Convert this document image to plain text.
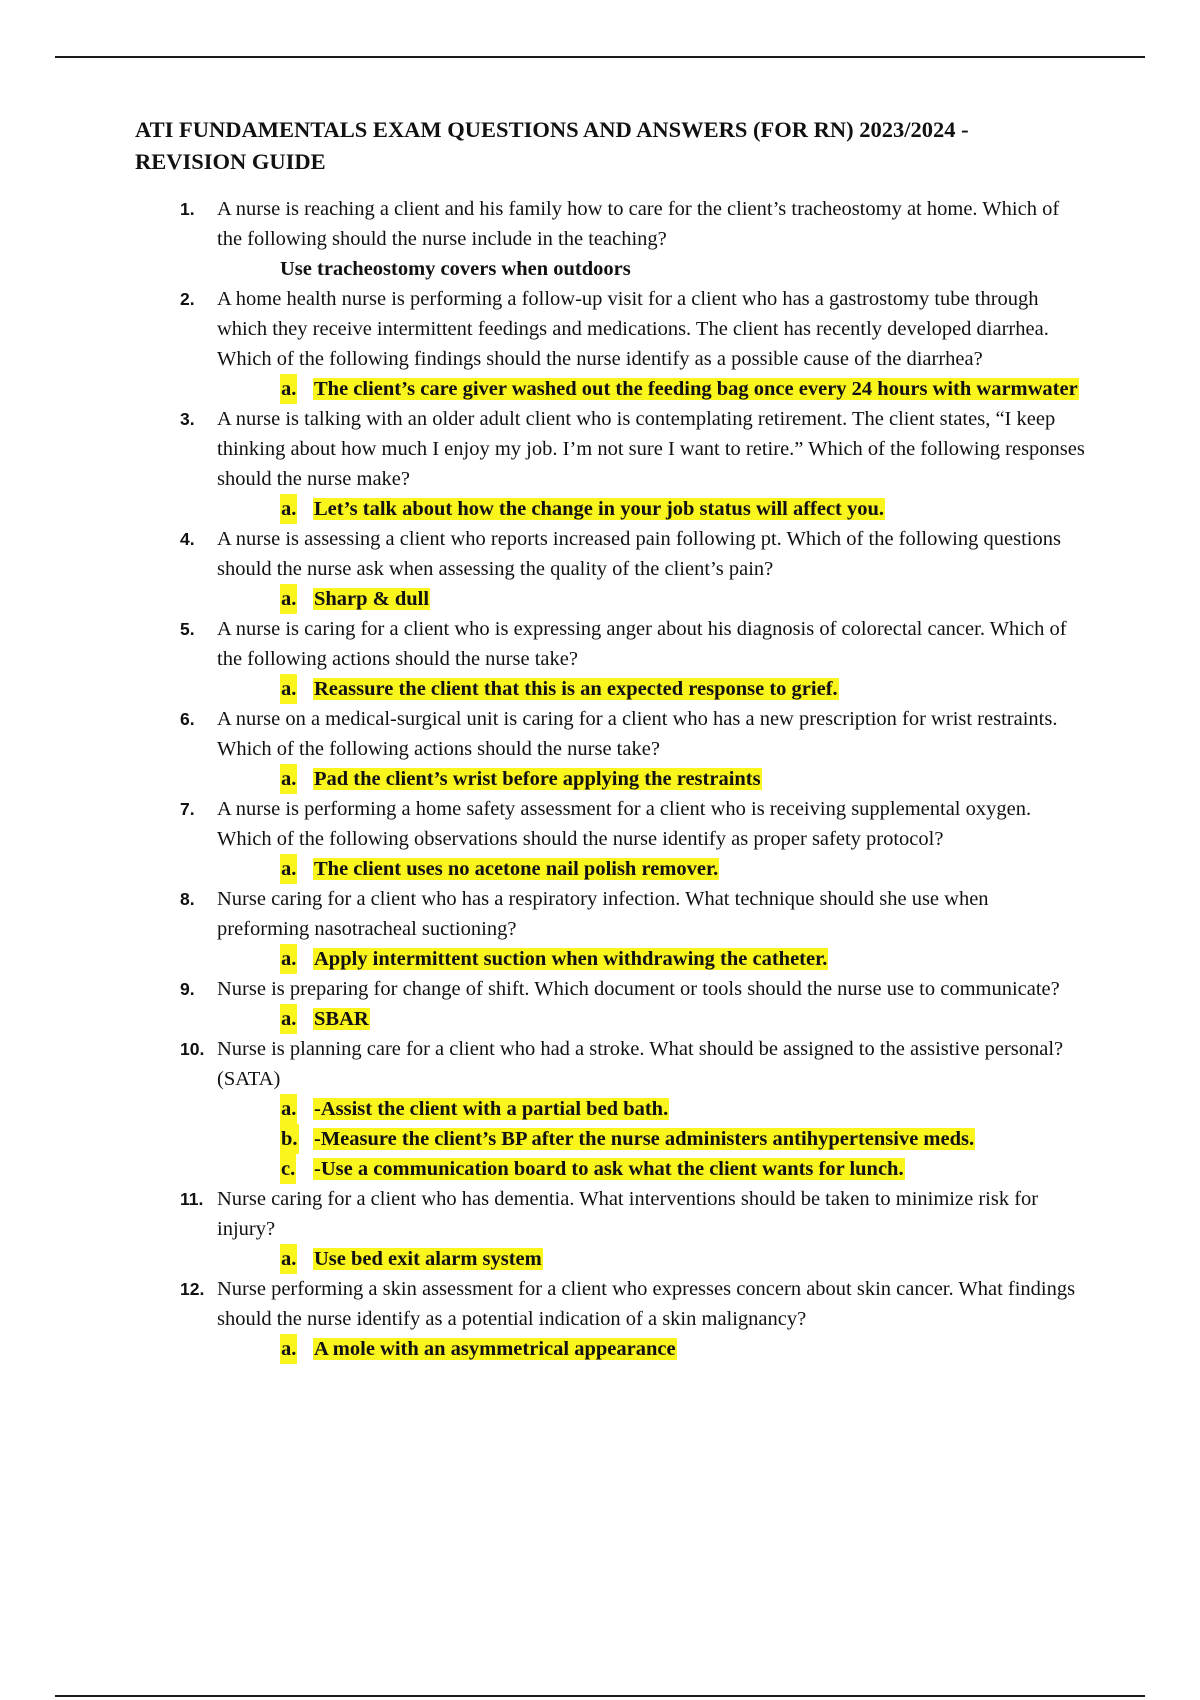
ATI FUNDAMENTALS EXAM QUESTIONS AND ANSWERS (FOR RN) 2023/2024 - REVISION GUIDE
1. A nurse is reaching a client and his family how to care for the client’s tracheostomy at home. Which of the following should the nurse include in the teaching?

Use tracheostomy covers when outdoors
2. A home health nurse is performing a follow-up visit for a client who has a gastrostomy tube through which they receive intermittent feedings and medications. The client has recently developed diarrhea. Which of the following findings should the nurse identify as a possible cause of the diarrhea?

a. The client’s care giver washed out the feeding bag once every 24 hours with warmwater
3. A nurse is talking with an older adult client who is contemplating retirement. The client states, “I keep thinking about how much I enjoy my job. I’m not sure I want to retire.” Which of the following responses should the nurse make?

a. Let’s talk about how the change in your job status will affect you.
4. A nurse is assessing a client who reports increased pain following pt. Which of the following questions should the nurse ask when assessing the quality of the client’s pain?

a. Sharp & dull
5. A nurse is caring for a client who is expressing anger about his diagnosis of colorectal cancer. Which of the following actions should the nurse take?

a. Reassure the client that this is an expected response to grief.
6. A nurse on a medical-surgical unit is caring for a client who has a new prescription for wrist restraints. Which of the following actions should the nurse take?

a. Pad the client’s wrist before applying the restraints
7. A nurse is performing a home safety assessment for a client who is receiving supplemental oxygen. Which of the following observations should the nurse identify as proper safety protocol?

a. The client uses no acetone nail polish remover.
8. Nurse caring for a client who has a respiratory infection. What technique should she use when preforming nasotracheal suctioning?

a. Apply intermittent suction when withdrawing the catheter.
9. Nurse is preparing for change of shift. Which document or tools should the nurse use to communicate?

a. SBAR
10. Nurse is planning care for a client who had a stroke. What should be assigned to the assistive personal? (SATA)

a. -Assist the client with a partial bed bath.
b. -Measure the client’s BP after the nurse administers antihypertensive meds.
c. -Use a communication board to ask what the client wants for lunch.
11. Nurse caring for a client who has dementia. What interventions should be taken to minimize risk for injury?

a. Use bed exit alarm system
12. Nurse performing a skin assessment for a client who expresses concern about skin cancer. What findings should the nurse identify as a potential indication of a skin malignancy?

a. A mole with an asymmetrical appearance
